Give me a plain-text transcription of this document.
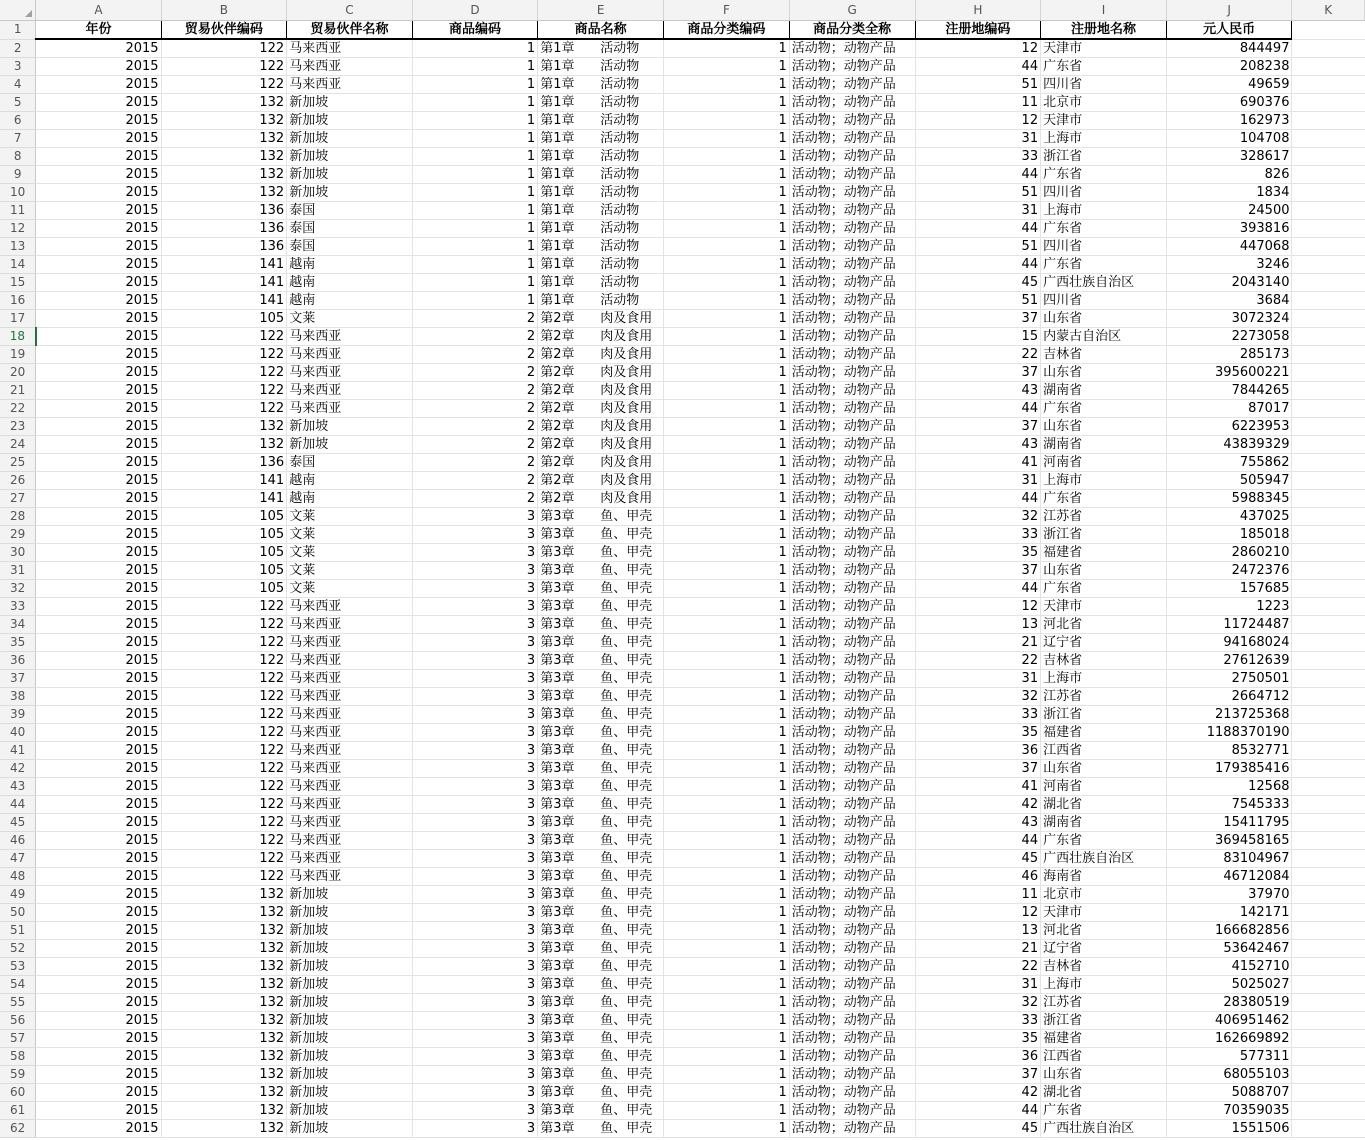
	A	B	C	D	E	F	G	H	I	J	K
1	年份	贸易伙伴编码	贸易伙伴名称	商品编码	商品名称	商品分类编码	商品分类全称	注册地编码	注册地名称	元人民币	
2	2015	122	马来西亚	1	第1章 活动物	1	活动物；动物产品	12	天津市	844497	
3	2015	122	马来西亚	1	第1章 活动物	1	活动物；动物产品	44	广东省	208238	
4	2015	122	马来西亚	1	第1章 活动物	1	活动物；动物产品	51	四川省	49659	
5	2015	132	新加坡	1	第1章 活动物	1	活动物；动物产品	11	北京市	690376	
6	2015	132	新加坡	1	第1章 活动物	1	活动物；动物产品	12	天津市	162973	
7	2015	132	新加坡	1	第1章 活动物	1	活动物；动物产品	31	上海市	104708	
8	2015	132	新加坡	1	第1章 活动物	1	活动物；动物产品	33	浙江省	328617	
9	2015	132	新加坡	1	第1章 活动物	1	活动物；动物产品	44	广东省	826	
10	2015	132	新加坡	1	第1章 活动物	1	活动物；动物产品	51	四川省	1834	
11	2015	136	泰国	1	第1章 活动物	1	活动物；动物产品	31	上海市	24500	
12	2015	136	泰国	1	第1章 活动物	1	活动物；动物产品	44	广东省	393816	
13	2015	136	泰国	1	第1章 活动物	1	活动物；动物产品	51	四川省	447068	
14	2015	141	越南	1	第1章 活动物	1	活动物；动物产品	44	广东省	3246	
15	2015	141	越南	1	第1章 活动物	1	活动物；动物产品	45	广西壮族自治区	2043140	
16	2015	141	越南	1	第1章 活动物	1	活动物；动物产品	51	四川省	3684	
17	2015	105	文莱	2	第2章 肉及食用	1	活动物；动物产品	37	山东省	3072324	
18	2015	122	马来西亚	2	第2章 肉及食用	1	活动物；动物产品	15	内蒙古自治区	2273058	
19	2015	122	马来西亚	2	第2章 肉及食用	1	活动物；动物产品	22	吉林省	285173	
20	2015	122	马来西亚	2	第2章 肉及食用	1	活动物；动物产品	37	山东省	395600221	
21	2015	122	马来西亚	2	第2章 肉及食用	1	活动物；动物产品	43	湖南省	7844265	
22	2015	122	马来西亚	2	第2章 肉及食用	1	活动物；动物产品	44	广东省	87017	
23	2015	132	新加坡	2	第2章 肉及食用	1	活动物；动物产品	37	山东省	6223953	
24	2015	132	新加坡	2	第2章 肉及食用	1	活动物；动物产品	43	湖南省	43839329	
25	2015	136	泰国	2	第2章 肉及食用	1	活动物；动物产品	41	河南省	755862	
26	2015	141	越南	2	第2章 肉及食用	1	活动物；动物产品	31	上海市	505947	
27	2015	141	越南	2	第2章 肉及食用	1	活动物；动物产品	44	广东省	5988345	
28	2015	105	文莱	3	第3章 鱼、甲壳	1	活动物；动物产品	32	江苏省	437025	
29	2015	105	文莱	3	第3章 鱼、甲壳	1	活动物；动物产品	33	浙江省	185018	
30	2015	105	文莱	3	第3章 鱼、甲壳	1	活动物；动物产品	35	福建省	2860210	
31	2015	105	文莱	3	第3章 鱼、甲壳	1	活动物；动物产品	37	山东省	2472376	
32	2015	105	文莱	3	第3章 鱼、甲壳	1	活动物；动物产品	44	广东省	157685	
33	2015	122	马来西亚	3	第3章 鱼、甲壳	1	活动物；动物产品	12	天津市	1223	
34	2015	122	马来西亚	3	第3章 鱼、甲壳	1	活动物；动物产品	13	河北省	11724487	
35	2015	122	马来西亚	3	第3章 鱼、甲壳	1	活动物；动物产品	21	辽宁省	94168024	
36	2015	122	马来西亚	3	第3章 鱼、甲壳	1	活动物；动物产品	22	吉林省	27612639	
37	2015	122	马来西亚	3	第3章 鱼、甲壳	1	活动物；动物产品	31	上海市	2750501	
38	2015	122	马来西亚	3	第3章 鱼、甲壳	1	活动物；动物产品	32	江苏省	2664712	
39	2015	122	马来西亚	3	第3章 鱼、甲壳	1	活动物；动物产品	33	浙江省	213725368	
40	2015	122	马来西亚	3	第3章 鱼、甲壳	1	活动物；动物产品	35	福建省	1188370190	
41	2015	122	马来西亚	3	第3章 鱼、甲壳	1	活动物；动物产品	36	江西省	8532771	
42	2015	122	马来西亚	3	第3章 鱼、甲壳	1	活动物；动物产品	37	山东省	179385416	
43	2015	122	马来西亚	3	第3章 鱼、甲壳	1	活动物；动物产品	41	河南省	12568	
44	2015	122	马来西亚	3	第3章 鱼、甲壳	1	活动物；动物产品	42	湖北省	7545333	
45	2015	122	马来西亚	3	第3章 鱼、甲壳	1	活动物；动物产品	43	湖南省	15411795	
46	2015	122	马来西亚	3	第3章 鱼、甲壳	1	活动物；动物产品	44	广东省	369458165	
47	2015	122	马来西亚	3	第3章 鱼、甲壳	1	活动物；动物产品	45	广西壮族自治区	83104967	
48	2015	122	马来西亚	3	第3章 鱼、甲壳	1	活动物；动物产品	46	海南省	46712084	
49	2015	132	新加坡	3	第3章 鱼、甲壳	1	活动物；动物产品	11	北京市	37970	
50	2015	132	新加坡	3	第3章 鱼、甲壳	1	活动物；动物产品	12	天津市	142171	
51	2015	132	新加坡	3	第3章 鱼、甲壳	1	活动物；动物产品	13	河北省	166682856	
52	2015	132	新加坡	3	第3章 鱼、甲壳	1	活动物；动物产品	21	辽宁省	53642467	
53	2015	132	新加坡	3	第3章 鱼、甲壳	1	活动物；动物产品	22	吉林省	4152710	
54	2015	132	新加坡	3	第3章 鱼、甲壳	1	活动物；动物产品	31	上海市	5025027	
55	2015	132	新加坡	3	第3章 鱼、甲壳	1	活动物；动物产品	32	江苏省	28380519	
56	2015	132	新加坡	3	第3章 鱼、甲壳	1	活动物；动物产品	33	浙江省	406951462	
57	2015	132	新加坡	3	第3章 鱼、甲壳	1	活动物；动物产品	35	福建省	162669892	
58	2015	132	新加坡	3	第3章 鱼、甲壳	1	活动物；动物产品	36	江西省	577311	
59	2015	132	新加坡	3	第3章 鱼、甲壳	1	活动物；动物产品	37	山东省	68055103	
60	2015	132	新加坡	3	第3章 鱼、甲壳	1	活动物；动物产品	42	湖北省	5088707	
61	2015	132	新加坡	3	第3章 鱼、甲壳	1	活动物；动物产品	44	广东省	70359035	
62	2015	132	新加坡	3	第3章 鱼、甲壳	1	活动物；动物产品	45	广西壮族自治区	1551506	
